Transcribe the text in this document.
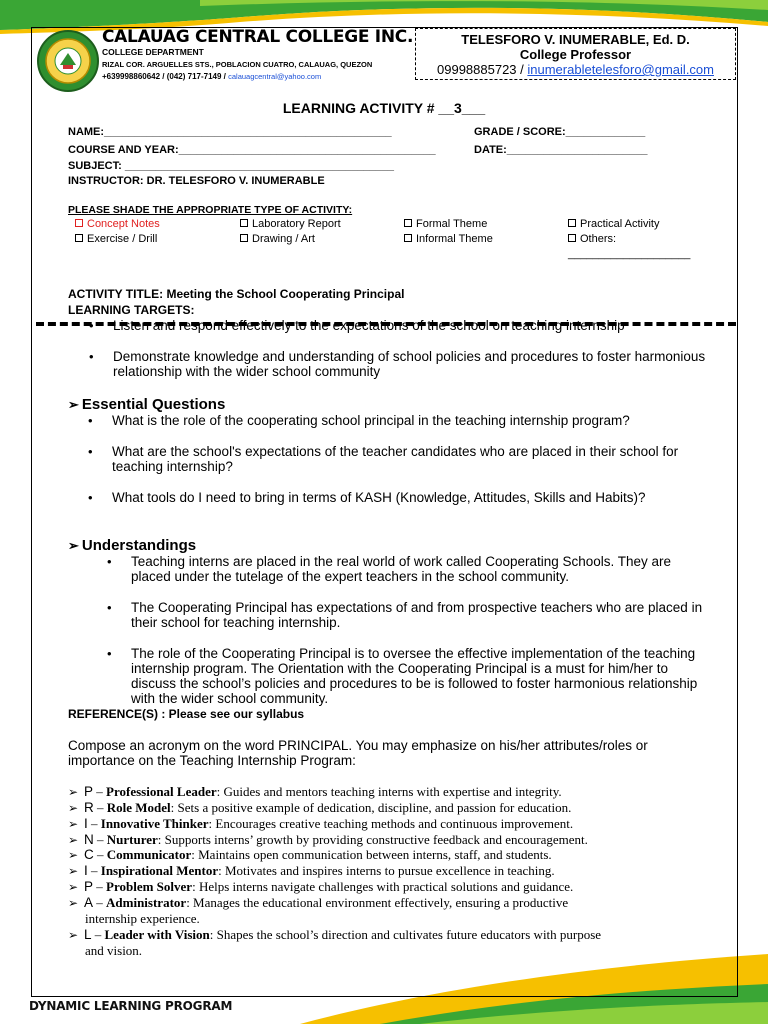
CALAUAG CENTRAL COLLEGE INC.
COLLEGE DEPARTMENT
RIZAL COR. ARGUELLES STS., POBLACION CUATRO, CALAUAG, QUEZON
+639998860642 / (042) 717-7149 / calauagcentral@yahoo.com
TELESFORO V. INUMERABLE, Ed. D.
College Professor
09998885723 / inumerabletelesforo@gmail.com
LEARNING ACTIVITY # __3___
NAME:_______________________________________________	GRADE / SCORE:_____________
COURSE AND YEAR:__________________________________________	DATE:_______________________
SUBJECT: ____________________________________________
INSTRUCTOR: DR. TELESFORO V. INUMERABLE
PLEASE SHADE THE APPROPRIATE TYPE OF ACTIVITY:
Concept Notes	Laboratory Report	Formal Theme	Practical Activity
Exercise / Drill	Drawing / Art	Informal Theme	Others:
____________________
ACTIVITY TITLE: Meeting the School Cooperating Principal
LEARNING TARGETS:
• Listen and respond effectively to the expectations of the school on teaching internship
• Demonstrate knowledge and understanding of school policies and procedures to foster harmonious relationship with the wider school community
➢ Essential Questions
• What is the role of the cooperating school principal in the teaching internship program?
• What are the school's expectations of the teacher candidates who are placed in their school for teaching internship?
• What tools do I need to bring in terms of KASH (Knowledge, Attitudes, Skills and Habits)?
➢ Understandings
• Teaching interns are placed in the real world of work called Cooperating Schools. They are placed under the tutelage of the expert teachers in the school community.
• The Cooperating Principal has expectations of and from prospective teachers who are placed in their school for teaching internship.
• The role of the Cooperating Principal is to oversee the effective implementation of the teaching internship program. The Orientation with the Cooperating Principal is a must for him/her to discuss the school’s policies and procedures to be is followed to foster harmonious relationship with the wider school community.
REFERENCE(S) : Please see our syllabus
Compose an acronym on the word PRINCIPAL. You may emphasize on his/her attributes/roles or importance on the Teaching Internship Program:
➢ P – Professional Leader: Guides and mentors teaching interns with expertise and integrity.
➢ R – Role Model: Sets a positive example of dedication, discipline, and passion for education.
➢ I – Innovative Thinker: Encourages creative teaching methods and continuous improvement.
➢ N – Nurturer: Supports interns’ growth by providing constructive feedback and encouragement.
➢ C – Communicator: Maintains open communication between interns, staff, and students.
➢ I – Inspirational Mentor: Motivates and inspires interns to pursue excellence in teaching.
➢ P – Problem Solver: Helps interns navigate challenges with practical solutions and guidance.
➢ A – Administrator: Manages the educational environment effectively, ensuring a productive
internship experience.
➢ L – Leader with Vision: Shapes the school’s direction and cultivates future educators with purpose
and vision.
DYNAMIC LEARNING PROGRAM
